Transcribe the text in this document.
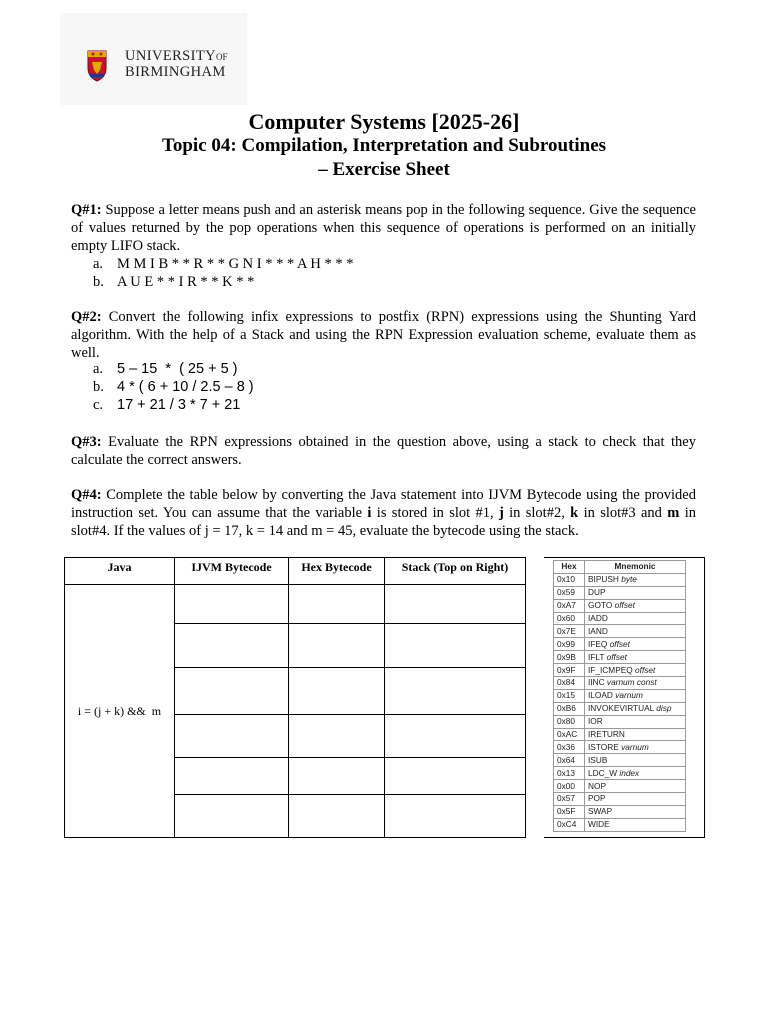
UNIVERSITYOF
BIRMINGHAM
Computer Systems [2025-26]
Topic 04: Compilation, Interpretation and Subroutines
– Exercise Sheet
Q#1: Suppose a letter means push and an asterisk means pop in the following sequence. Give the sequence of values returned by the pop operations when this sequence of operations is performed on an initially empty LIFO stack.
a. M M I B * * R * * G N I * * * A H * * *
b. A U E * * I R * * K * *
Q#2: Convert the following infix expressions to postfix (RPN) expressions using the Shunting Yard algorithm. With the help of a Stack and using the RPN Expression evaluation scheme, evaluate them as well.
a. 5 – 15  *  ( 25 + 5 )
b. 4 * ( 6 + 10 / 2.5 – 8 )
c. 17 + 21 / 3 * 7 + 21
Q#3: Evaluate the RPN expressions obtained in the question above, using a stack to check that they calculate the correct answers.
Q#4: Complete the table below by converting the Java statement into IJVM Bytecode using the provided instruction set. You can assume that the variable i is stored in slot #1, j in slot#2, k in slot#3 and m in slot#4. If the values of j = 17, k = 14 and m = 45, evaluate the bytecode using the stack.
Java	IJVM Bytecode	Hex Bytecode	Stack (Top on Right)
i = (j + k) &&  m			

Hex	Mnemonic
0x10	BIPUSH byte
0x59	DUP
0xA7	GOTO offset
0x60	IADD
0x7E	IAND
0x99	IFEQ offset
0x9B	IFLT offset
0x9F	IF_ICMPEQ offset
0x84	IINC varnum const
0x15	ILOAD varnum
0xB6	INVOKEVIRTUAL disp
0x80	IOR
0xAC	IRETURN
0x36	ISTORE varnum
0x64	ISUB
0x13	LDC_W index
0x00	NOP
0x57	POP
0x5F	SWAP
0xC4	WIDE
